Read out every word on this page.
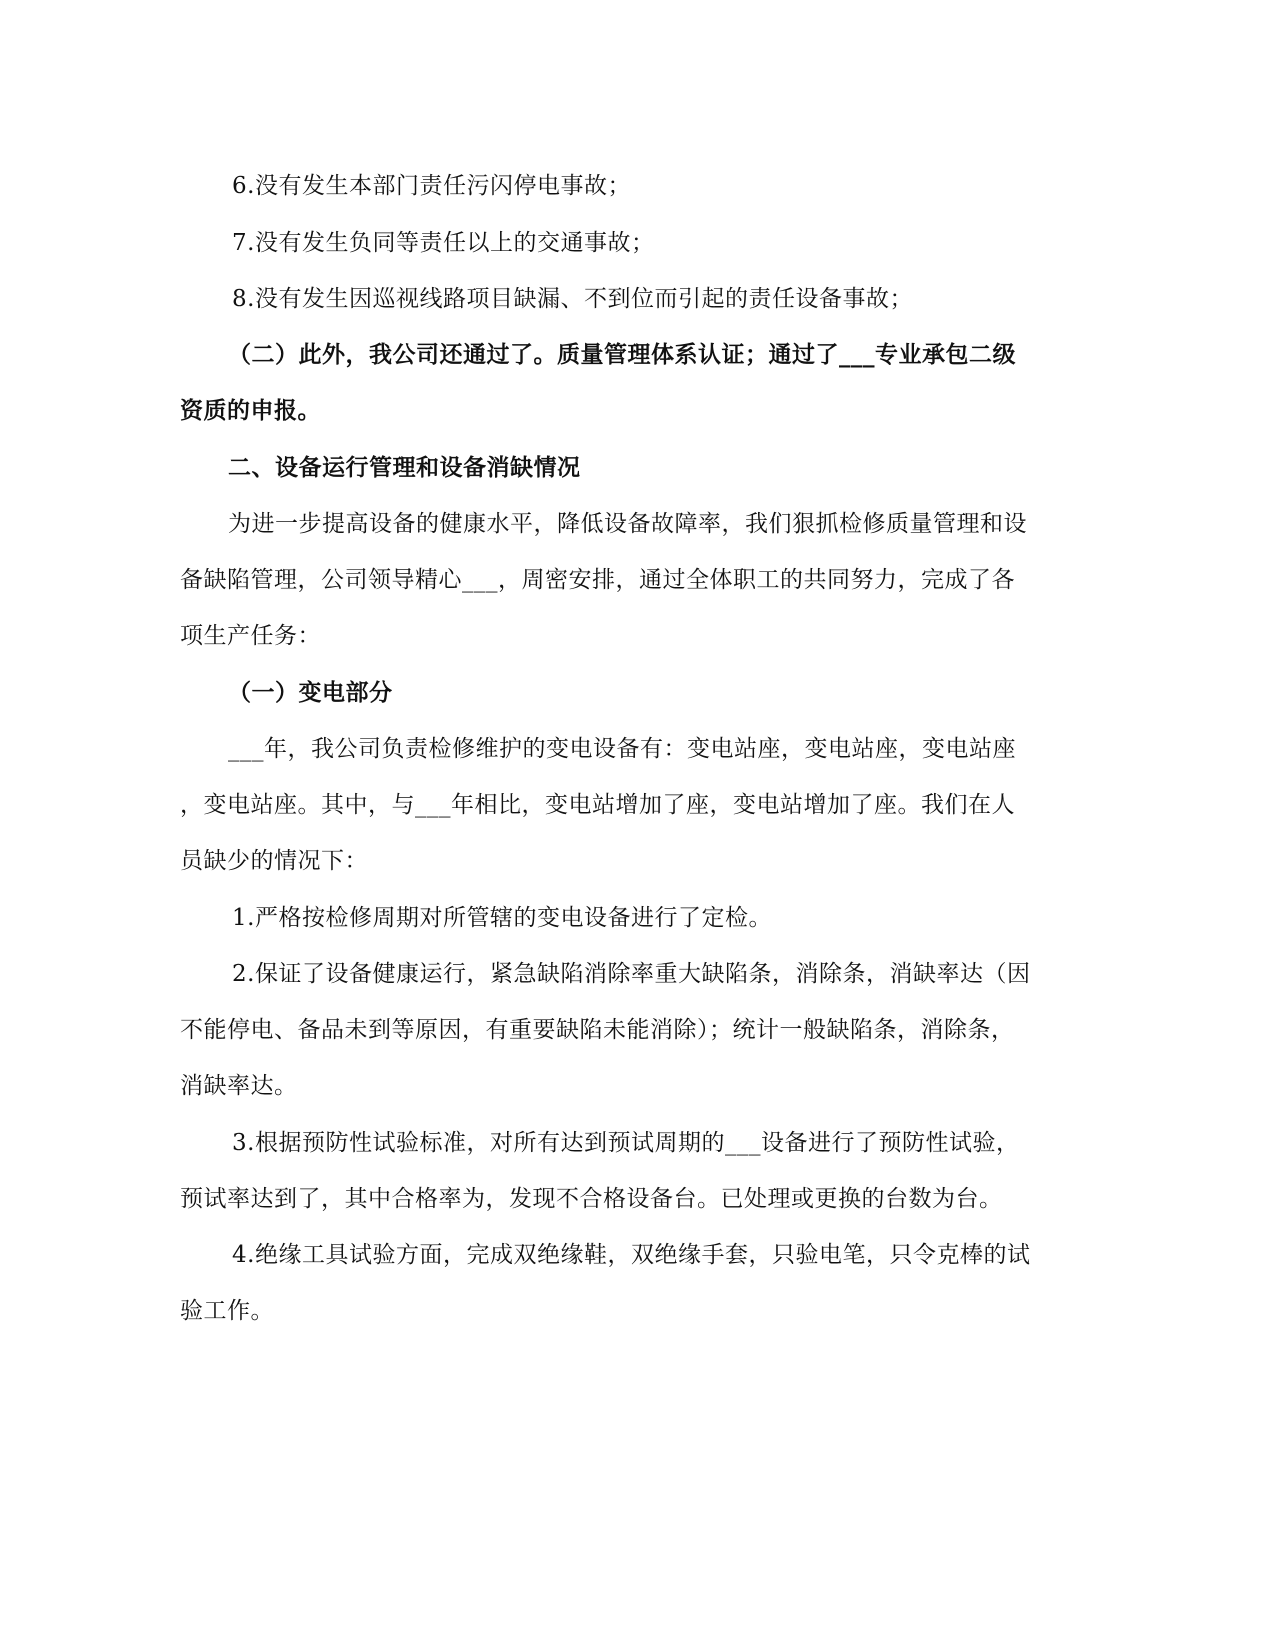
6.没有发生本部门责任污闪停电事故；
7.没有发生负同等责任以上的交通事故；
8.没有发生因巡视线路项目缺漏、不到位而引起的责任设备事故；
（二）此外，我公司还通过了。质量管理体系认证；通过了___专业承包二级
资质的申报。
二、设备运行管理和设备消缺情况
为进一步提高设备的健康水平，降低设备故障率，我们狠抓检修质量管理和设
备缺陷管理，公司领导精心___，周密安排，通过全体职工的共同努力，完成了各
项生产任务：
（一）变电部分
___年，我公司负责检修维护的变电设备有：变电站座，变电站座，变电站座
，变电站座。其中，与___年相比，变电站增加了座，变电站增加了座。我们在人
员缺少的情况下：
1.严格按检修周期对所管辖的变电设备进行了定检。
2.保证了设备健康运行，紧急缺陷消除率重大缺陷条，消除条，消缺率达（因
不能停电、备品未到等原因，有重要缺陷未能消除）；统计一般缺陷条，消除条，
消缺率达。
3.根据预防性试验标准，对所有达到预试周期的___设备进行了预防性试验，
预试率达到了，其中合格率为，发现不合格设备台。已处理或更换的台数为台。
4.绝缘工具试验方面，完成双绝缘鞋，双绝缘手套，只验电笔，只令克棒的试
验工作。
